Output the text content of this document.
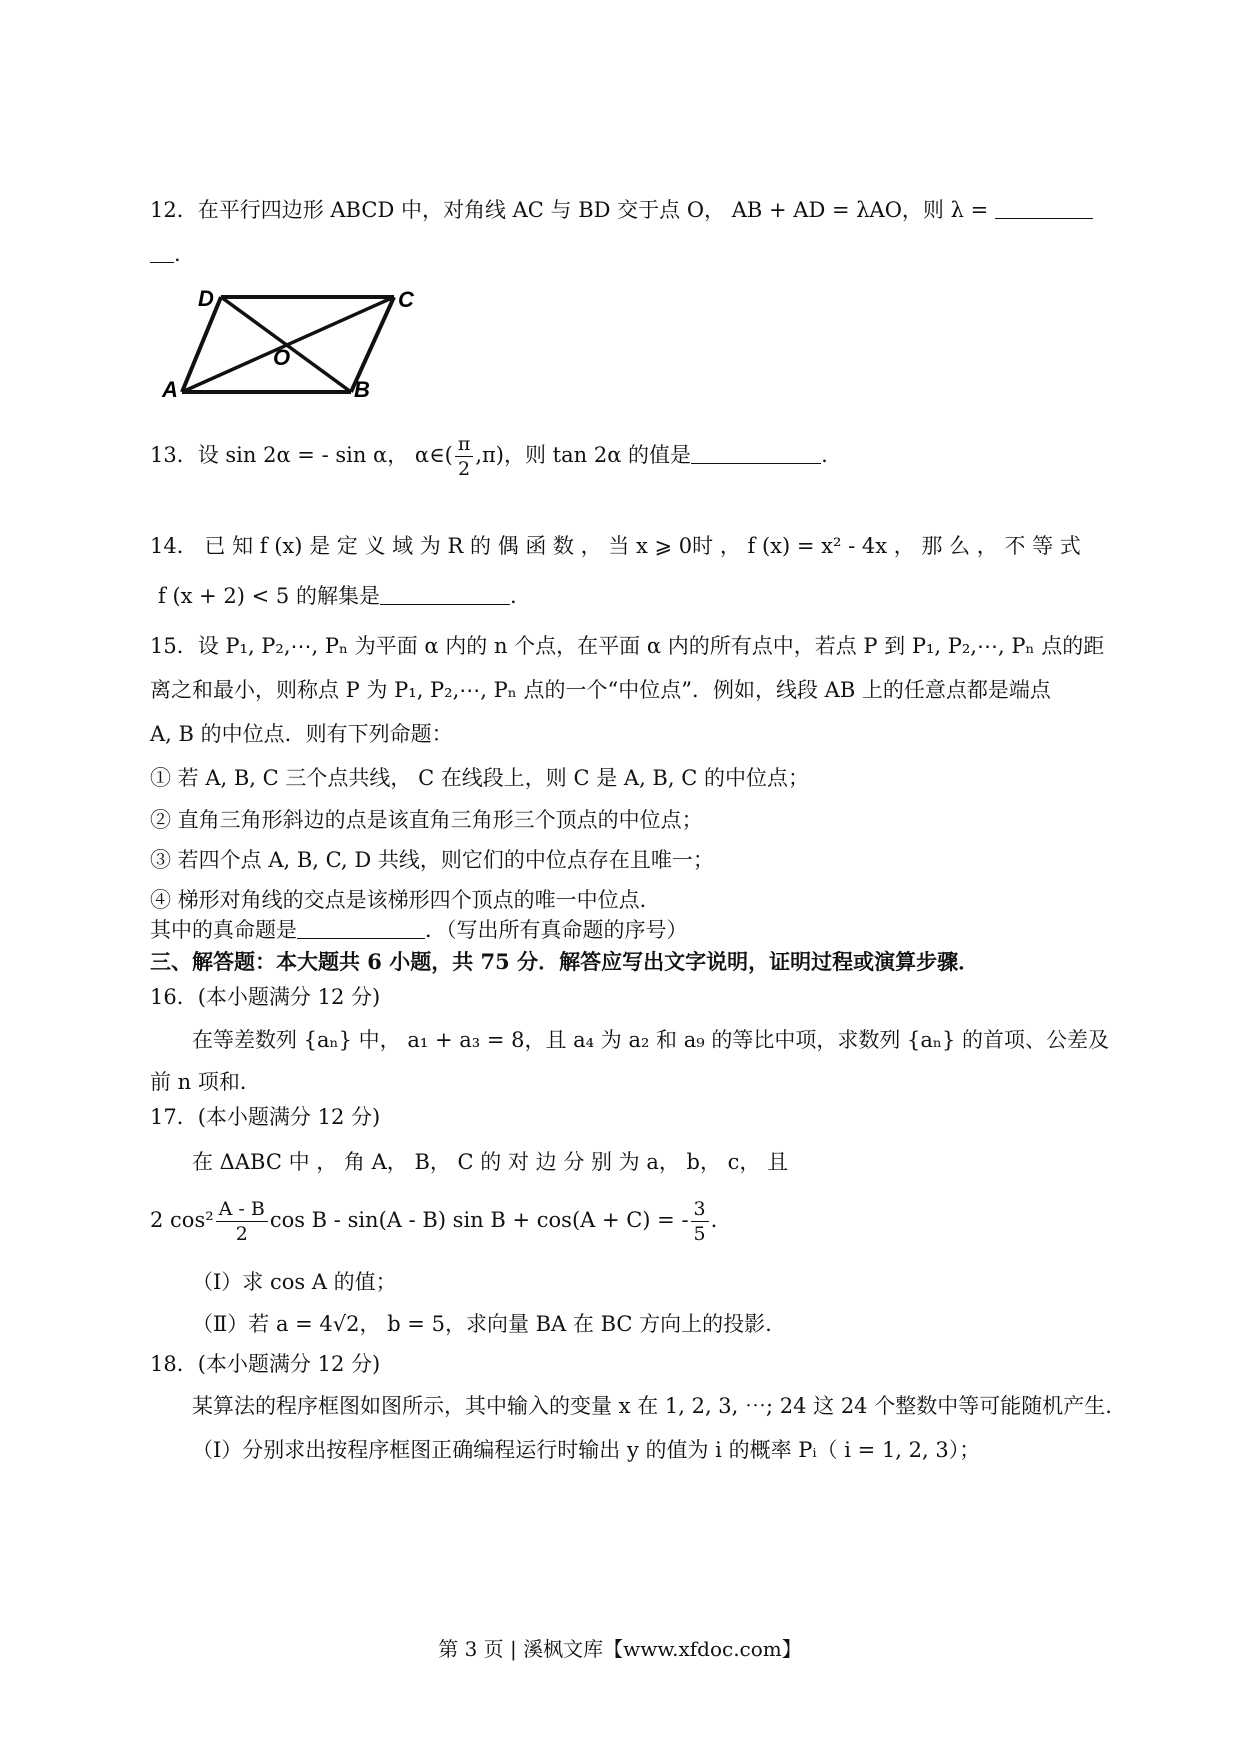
12．在平行四边形 ABCD 中，对角线 AC 与 BD 交于点 O， AB + AD = λAO，则 λ =
.
D	C
O
A	B
13．设 sin 2α = - sin α， α∈( $\frac{\pi}{2} ,\pi$)，则 tan 2α 的值是	.
14． 已 知 f (x) 是 定 义 域 为 R 的 偶 函 数 ， 当 x ⩾ 0时 ， f (x) = x² - 4x ， 那 么 ， 不 等 式
f (x + 2) < 5 的解集是	.
15．设 P₁, P₂,⋯, Pₙ 为平面 α 内的 n 个点，在平面 α 内的所有点中，若点 P 到 P₁, P₂,⋯, Pₙ 点的距
离之和最小，则称点 P 为 P₁, P₂,⋯, Pₙ 点的一个“中位点”．例如，线段 AB 上的任意点都是端点
A, B 的中位点．则有下列命题：
① 若 A, B, C 三个点共线， C 在线段上，则 C 是 A, B, C 的中位点；
② 直角三角形斜边的点是该直角三角形三个顶点的中位点；
③ 若四个点 A, B, C, D 共线，则它们的中位点存在且唯一；
④ 梯形对角线的交点是该梯形四个顶点的唯一中位点．
其中的真命题是	．（写出所有真命题的序号）
三、解答题：本大题共 6 小题，共 75 分．解答应写出文字说明，证明过程或演算步骤．
16．(本小题满分 12 分)
在等差数列 {aₙ} 中， a₁ + a₃ = 8，且 a₄ 为 a₂ 和 a₉ 的等比中项，求数列 {aₙ} 的首项、公差及
前 n 项和．
17．(本小题满分 12 分)
在 ΔABC 中 ， 角 A， B， C 的 对 边 分 别 为 a， b， c， 且
2 $\cos^2 \frac{A - B}{2}$ cos B - sin(A - B) sin B + cos(A + C) = - $\frac{3}{5}$ .
（Ⅰ）求 cos A 的值；
（Ⅱ）若 a = 4√2， b = 5，求向量 BA 在 BC 方向上的投影.
18．(本小题满分 12 分)
某算法的程序框图如图所示，其中输入的变量 x 在 1, 2, 3, ⋯; 24 这 24 个整数中等可能随机产生.
（Ⅰ）分别求出按程序框图正确编程运行时输出 y 的值为 i 的概率 Pᵢ（ i = 1, 2, 3）；
第 3 页 | 溪枫文库【www.xfdoc.com】
